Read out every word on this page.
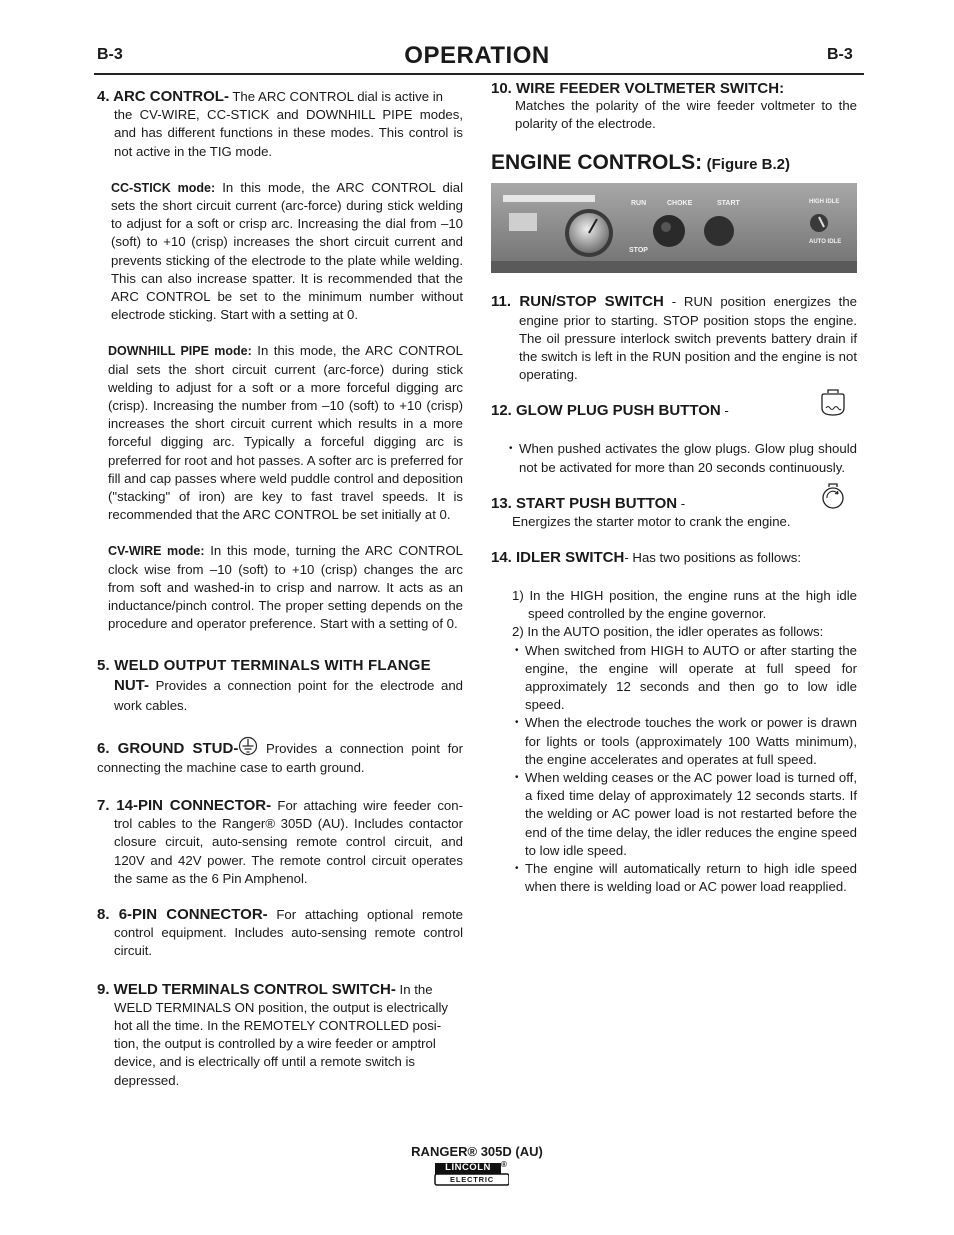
B-3	OPERATION	B-3

4. ARC CONTROL- The ARC CONTROL dial is active in

the CV-WIRE, CC-STICK and DOWNHILL PIPE modes, and has different functions in these modes. This control is not active in the TIG mode.

CC-STICK mode: In this mode, the ARC CONTROL dial sets the short circuit current (arc-force) during stick welding to adjust for a soft or crisp arc. Increasing the dial from –10 (soft) to +10 (crisp) increases the short circuit current and prevents sticking of the electrode to the plate while welding. This can also increase spatter. It is recommended that the ARC CONTROL be set to the minimum number without electrode sticking. Start with a setting at 0.

DOWNHILL PIPE mode: In this mode, the ARC CONTROL dial sets the short circuit current (arc-force) during stick welding to adjust for a soft or a more forceful digging arc (crisp). Increasing the number from –10 (soft) to +10 (crisp) increases the short circuit current which results in a more forceful digging arc. Typically a forceful digging arc is preferred for root and hot passes. A softer arc is preferred for fill and cap passes where weld puddle control and deposition ("stacking" of iron) are key to fast travel speeds. It is recommended that the ARC CONTROL be set initially at 0.

CV-WIRE mode: In this mode, turning the ARC CONTROL clock wise from –10 (soft) to +10 (crisp) changes the arc from soft and washed-in to crisp and narrow. It acts as an inductance/pinch control. The proper setting depends on the procedure and operator preference. Start with a setting of 0.

5. WELD OUTPUT TERMINALS WITH FLANGE

NUT- Provides a connection point for the electrode and work cables.

6. GROUND STUD- Provides a connection point for connecting the machine case to earth ground.

7. 14-PIN CONNECTOR- For attaching wire feeder con-trol cables to the Ranger® 305D (AU). Includes contactor closure circuit, auto-sensing remote control circuit, and 120V and 42V power. The remote control circuit operates the same as the 6 Pin Amphenol.

8. 6-PIN CONNECTOR- For attaching optional remote control equipment. Includes auto-sensing remote control circuit.

9. WELD TERMINALS CONTROL SWITCH- In the WELD TERMINALS ON position, the output is electrically hot all the time. In the REMOTELY CONTROLLED posi-tion, the output is controlled by a wire feeder or amptrol device, and is electrically off until a remote switch is depressed.

10. WIRE FEEDER VOLTMETER SWITCH:

Matches the polarity of the wire feeder voltmeter to the polarity of the electrode.

ENGINE CONTROLS: (Figure B.2)
RUN	CHOKE	START
STOP
HIGH IDLE
AUTO IDLE

11. RUN/STOP SWITCH - RUN position energizes the engine prior to starting. STOP position stops the engine. The oil pressure interlock switch prevents battery drain if the switch is left in the RUN position and the engine is not operating.

12. GLOW PLUG PUSH BUTTON -

• When pushed activates the glow plugs. Glow plug should not be activated for more than 20 seconds continuously.

13. START PUSH BUTTON -

Energizes the starter motor to crank the engine.

14. IDLER SWITCH- Has two positions as follows:

1) In the HIGH position, the engine runs at the high idle speed controlled by the engine governor.

2) In the AUTO position, the idler operates as follows:

• When switched from HIGH to AUTO or after starting the engine, the engine will operate at full speed for approximately 12 seconds and then go to low idle speed.

• When the electrode touches the work or power is drawn for lights or tools (approximately 100 Watts minimum), the engine accelerates and operates at full speed.

• When welding ceases or the AC power load is turned off, a fixed time delay of approximately 12 seconds starts. If the welding or AC power load is not restarted before the end of the time delay, the idler reduces the engine speed to low idle speed.

• The engine will automatically return to high idle speed when there is welding load or AC power load reapplied.

RANGER® 305D (AU)
LINCOLN	®
ELECTRIC
